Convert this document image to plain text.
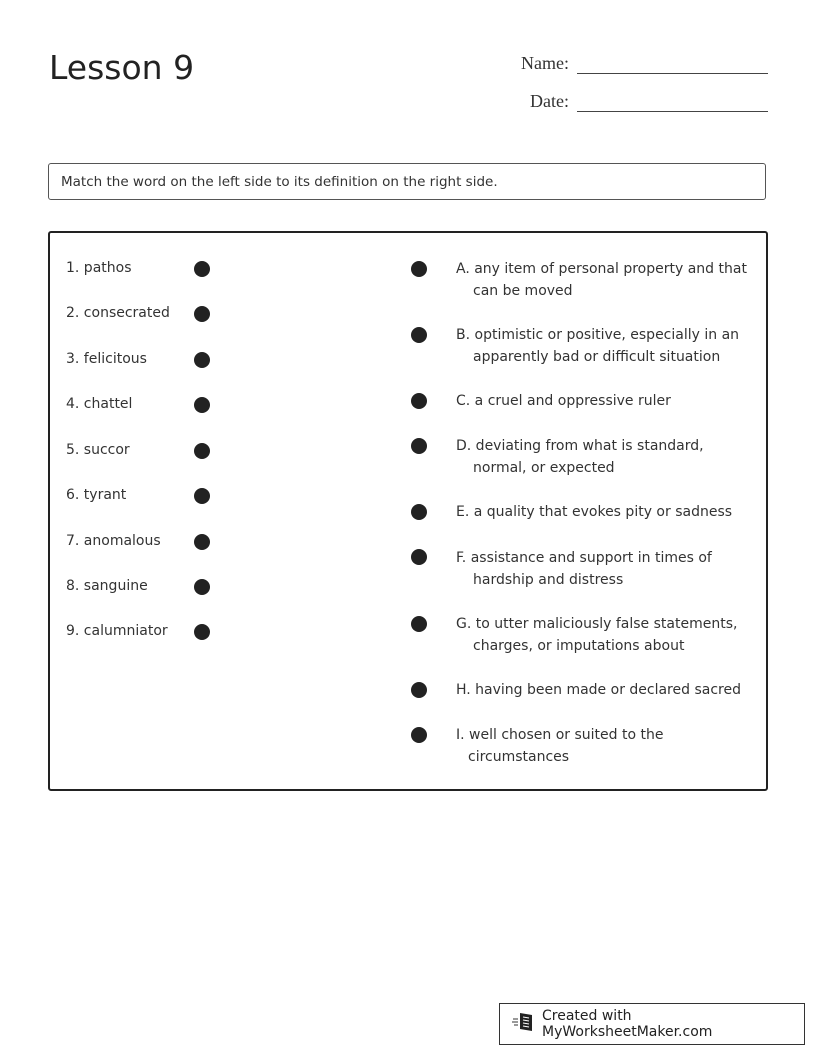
Lesson 9	Name:
Date:
Match the word on the left side to its definition on the right side.
1. pathos
2. consecrated
3. felicitous
4. chattel
5. succor
6. tyrant
7. anomalous
8. sanguine
9. calumniator
A. any item of personal property and that
can be moved
B. optimistic or positive, especially in an
apparently bad or difficult situation
C. a cruel and oppressive ruler
D. deviating from what is standard,
normal, or expected
E. a quality that evokes pity or sadness
F. assistance and support in times of
hardship and distress
G. to utter maliciously false statements,
charges, or imputations about
H. having been made or declared sacred
I. well chosen or suited to the
circumstances
Created with MyWorksheetMaker.com
